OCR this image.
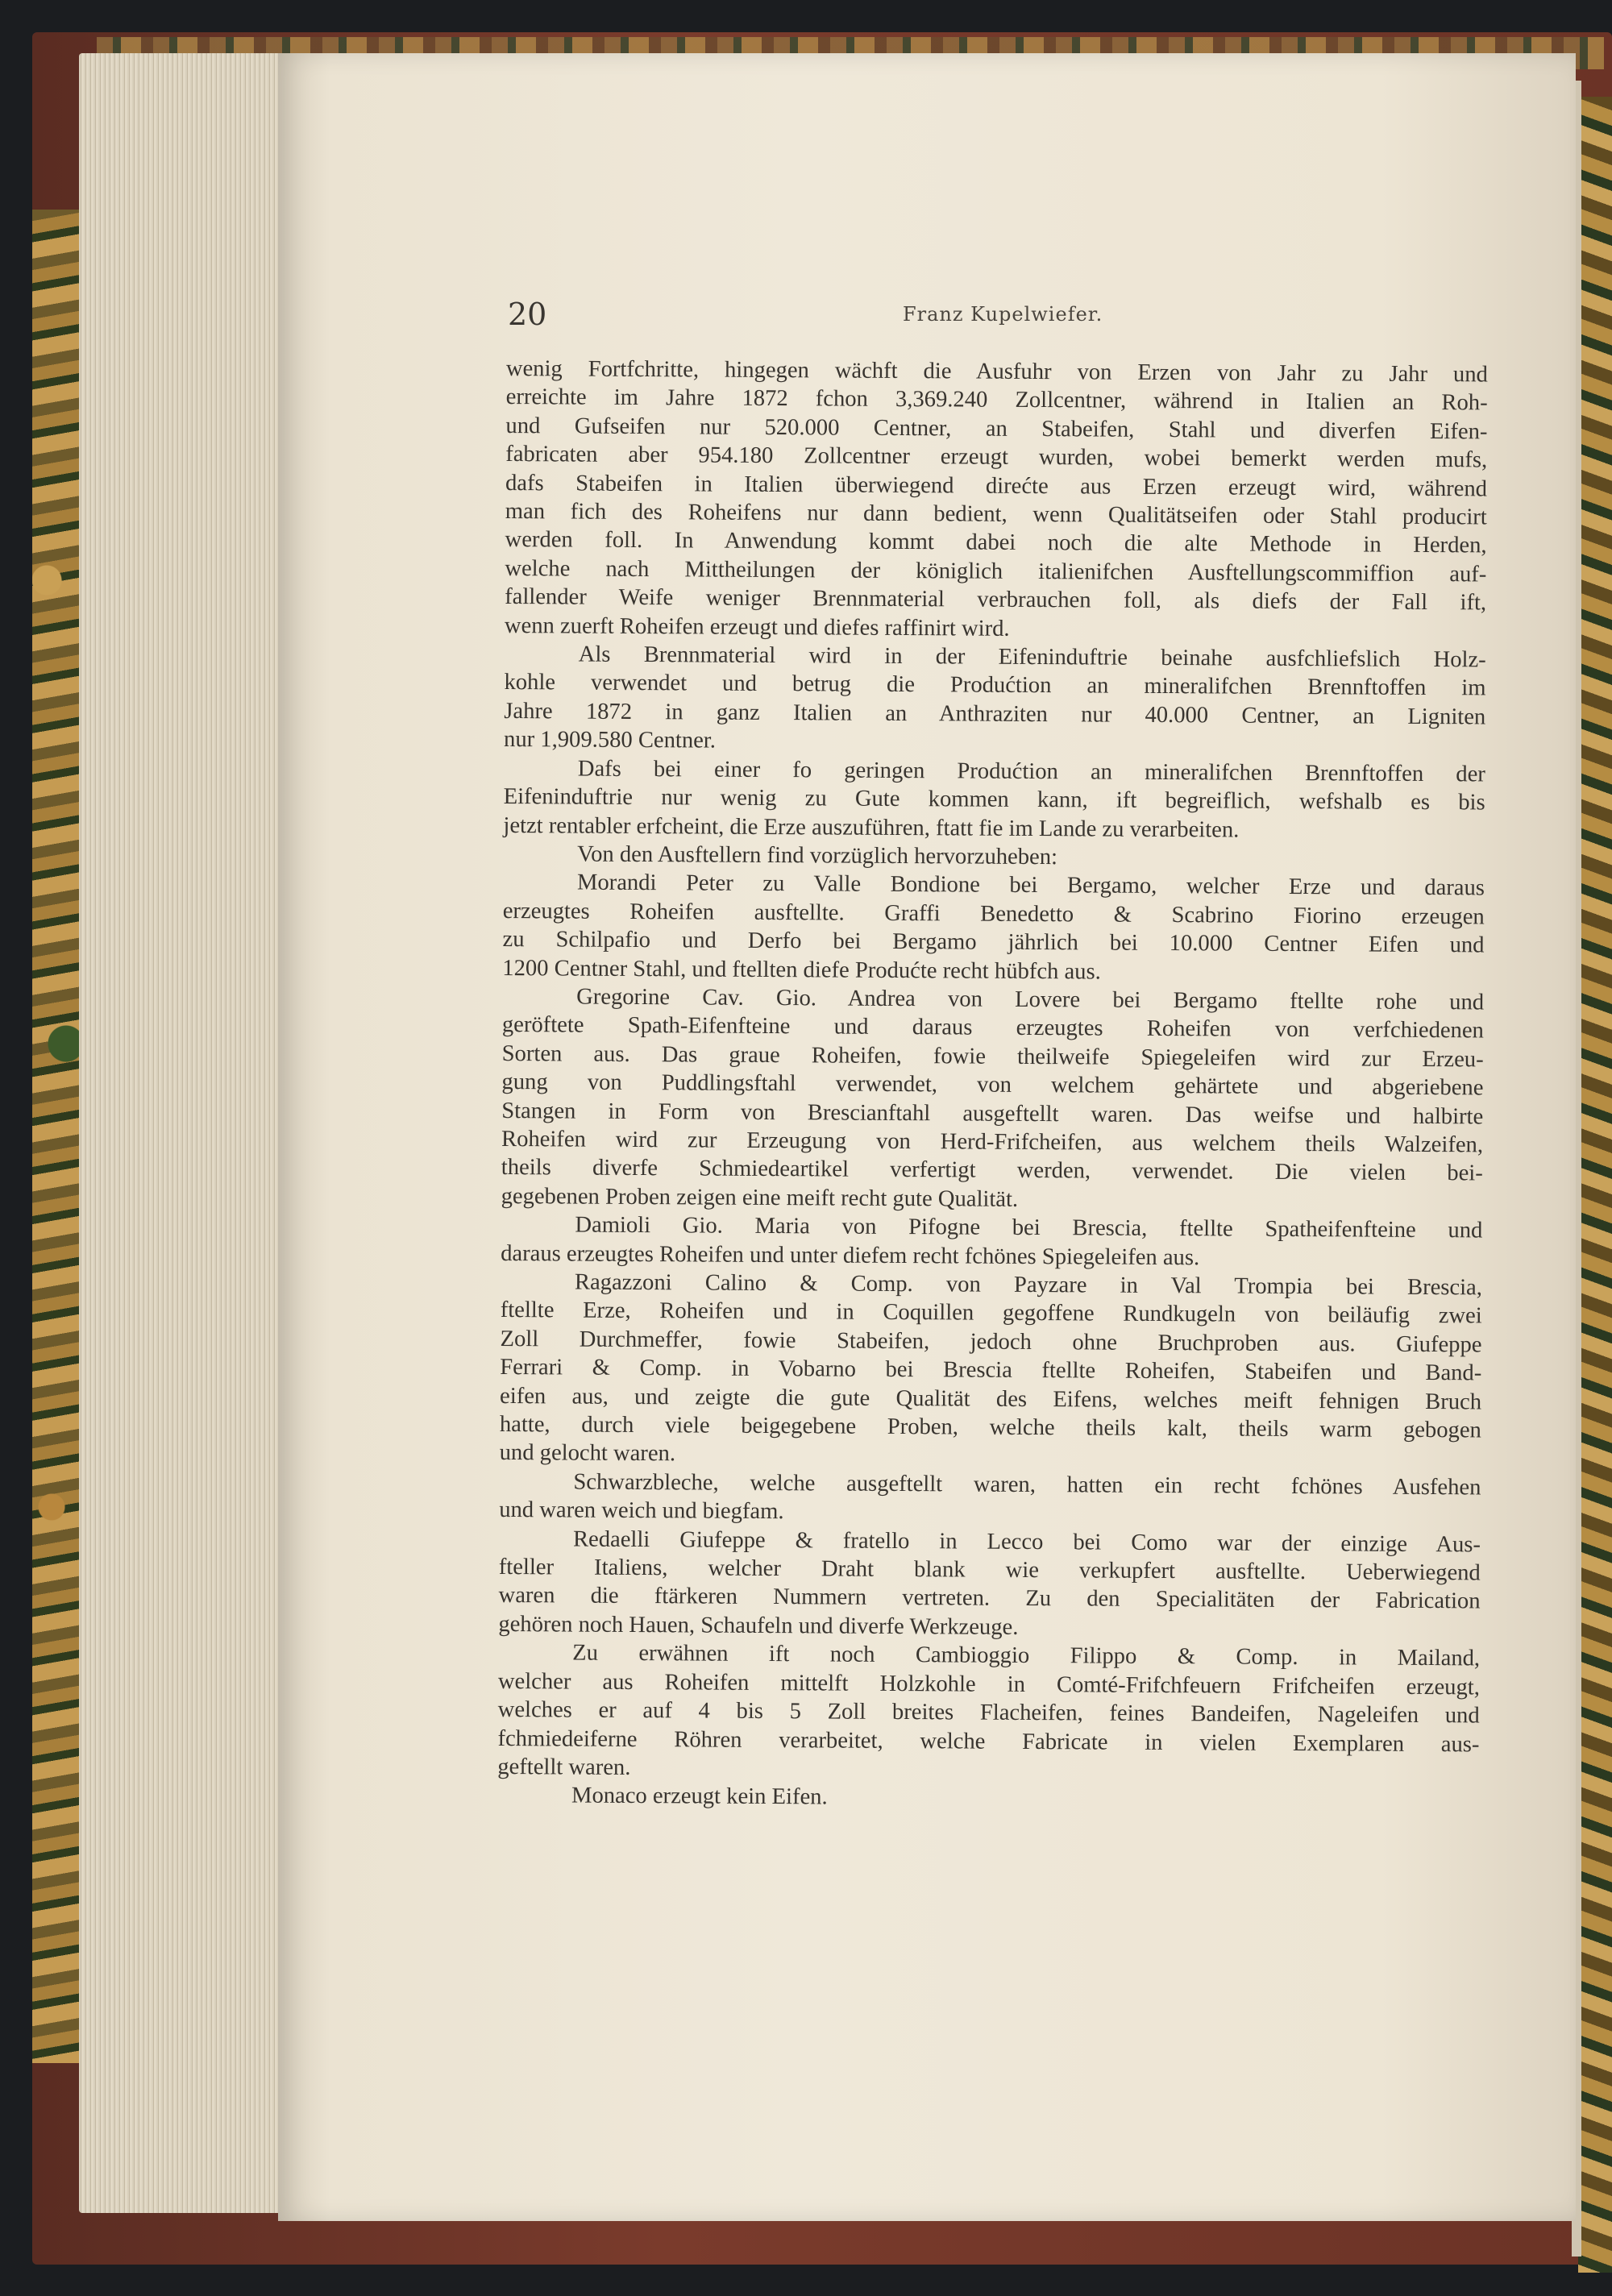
20	Franz Kupelwiefer.

wenig Fortfchritte, hingegen wächft die Ausfuhr von Erzen von Jahr zu Jahr und
erreichte im Jahre 1872 fchon 3,369.240 Zollcentner, während in Italien an Roh-
und Gufseifen nur 520.000 Centner, an Stabeifen, Stahl und diverfen Eifen-
fabricaten aber 954.180 Zollcentner erzeugt wurden, wobei bemerkt werden mufs,
dafs Stabeifen in Italien überwiegend direćte aus Erzen erzeugt wird, während
man fich des Roheifens nur dann bedient, wenn Qualitätseifen oder Stahl producirt
werden foll. In Anwendung kommt dabei noch die alte Methode in Herden,
welche nach Mittheilungen der königlich italienifchen Ausftellungscommiffion auf-
fallender Weife weniger Brennmaterial verbrauchen foll, als diefs der Fall ift,
wenn zuerft Roheifen erzeugt und diefes raffinirt wird.

Als Brennmaterial wird in der Eifeninduftrie beinahe ausfchliefslich Holz-
kohle verwendet und betrug die Produćtion an mineralifchen Brennftoffen im
Jahre 1872 in ganz Italien an Anthraziten nur 40.000 Centner, an Ligniten
nur 1,909.580 Centner.

Dafs bei einer fo geringen Produćtion an mineralifchen Brennftoffen der
Eifeninduftrie nur wenig zu Gute kommen kann, ift begreiflich, wefshalb es bis
jetzt rentabler erfcheint, die Erze auszuführen, ftatt fie im Lande zu verarbeiten.

Von den Ausftellern find vorzüglich hervorzuheben:

Morandi Peter zu Valle Bondione bei Bergamo, welcher Erze und daraus
erzeugtes Roheifen ausftellte. Graffi Benedetto & Scabrino Fiorino erzeugen
zu Schilpafio und Derfo bei Bergamo jährlich bei 10.000 Centner Eifen und
1200 Centner Stahl, und ftellten diefe Produćte recht hübfch aus.

Gregorine Cav. Gio. Andrea von Lovere bei Bergamo ftellte rohe und
geröftete Spath-Eifenfteine und daraus erzeugtes Roheifen von verfchiedenen
Sorten aus. Das graue Roheifen, fowie theilweife Spiegeleifen wird zur Erzeu-
gung von Puddlingsftahl verwendet, von welchem gehärtete und abgeriebene
Stangen in Form von Brescianftahl ausgeftellt waren. Das weifse und halbirte
Roheifen wird zur Erzeugung von Herd-Frifcheifen, aus welchem theils Walzeifen,
theils diverfe Schmiedeartikel verfertigt werden, verwendet. Die vielen bei-
gegebenen Proben zeigen eine meift recht gute Qualität.

Damioli Gio. Maria von Pifogne bei Brescia, ftellte Spatheifenfteine und
daraus erzeugtes Roheifen und unter diefem recht fchönes Spiegeleifen aus.

Ragazzoni Calino & Comp. von Payzare in Val Trompia bei Brescia,
ftellte Erze, Roheifen und in Coquillen gegoffene Rundkugeln von beiläufig zwei
Zoll Durchmeffer, fowie Stabeifen, jedoch ohne Bruchproben aus. Giufeppe
Ferrari & Comp. in Vobarno bei Brescia ftellte Roheifen, Stabeifen und Band-
eifen aus, und zeigte die gute Qualität des Eifens, welches meift fehnigen Bruch
hatte, durch viele beigegebene Proben, welche theils kalt, theils warm gebogen
und gelocht waren.

Schwarzbleche, welche ausgeftellt waren, hatten ein recht fchönes Ausfehen
und waren weich und biegfam.

Redaelli Giufeppe & fratello in Lecco bei Como war der einzige Aus-
fteller Italiens, welcher Draht blank wie verkupfert ausftellte. Ueberwiegend
waren die ftärkeren Nummern vertreten. Zu den Specialitäten der Fabrication
gehören noch Hauen, Schaufeln und diverfe Werkzeuge.

Zu erwähnen ift noch Cambioggio Filippo & Comp. in Mailand,
welcher aus Roheifen mittelft Holzkohle in Comté-Frifchfeuern Frifcheifen erzeugt,
welches er auf 4 bis 5 Zoll breites Flacheifen, feines Bandeifen, Nageleifen und
fchmiedeiferne Röhren verarbeitet, welche Fabricate in vielen Exemplaren aus-
geftellt waren.

Monaco erzeugt kein Eifen.
